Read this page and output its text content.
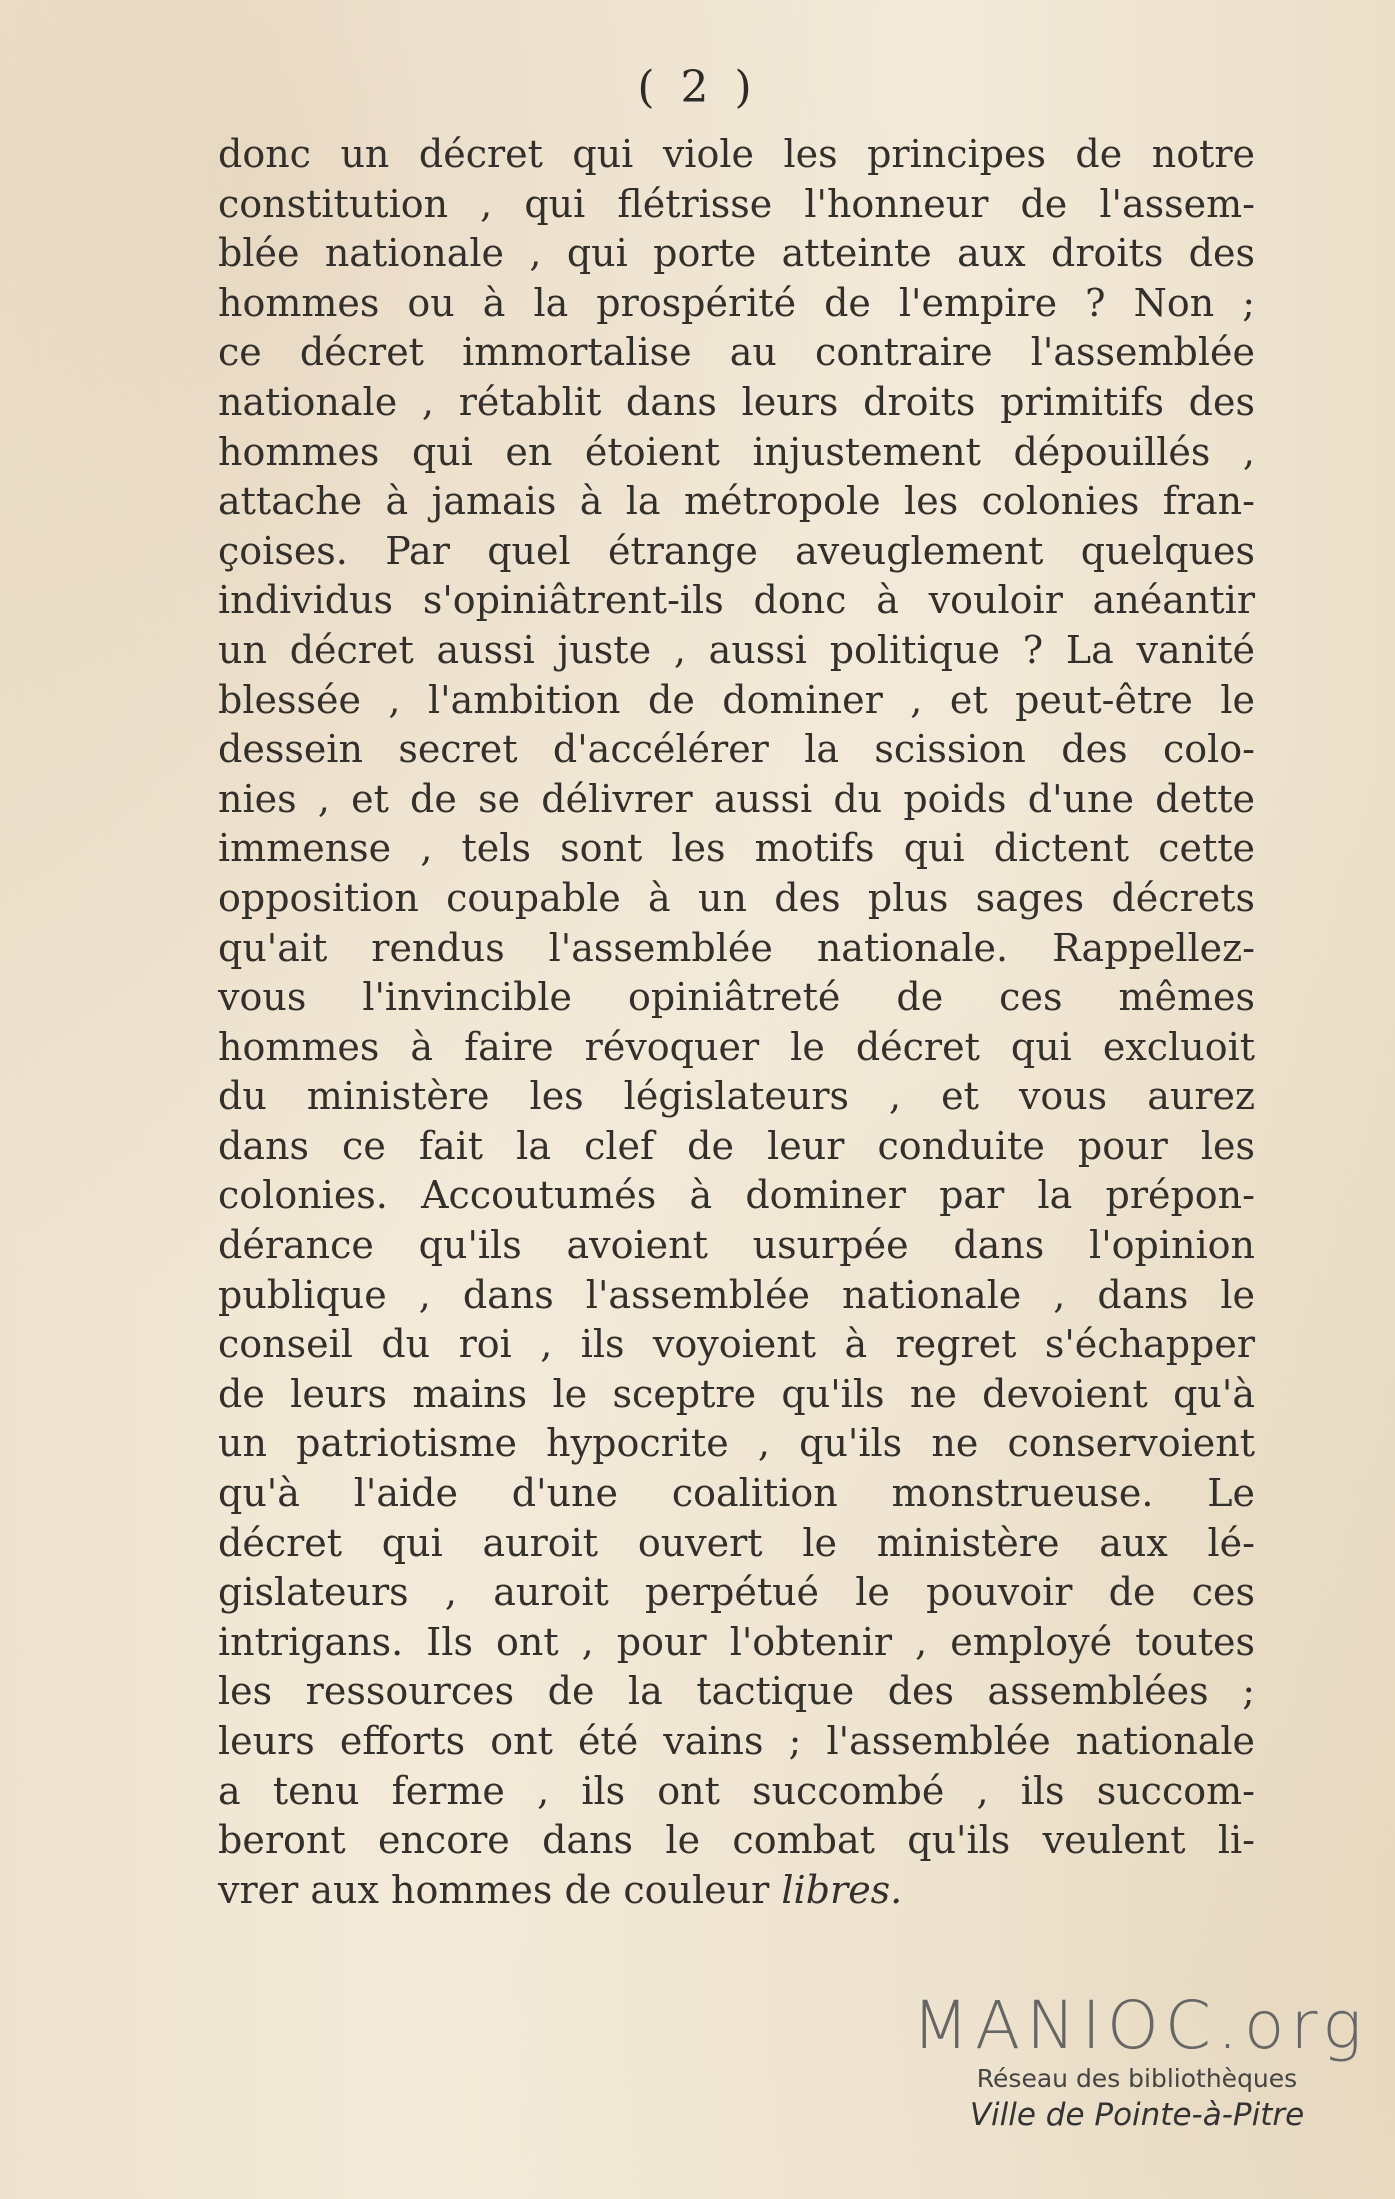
( 2 )
donc un décret qui viole les principes de notre
constitution , qui flétrisse l'honneur de l'assem-
blée nationale , qui porte atteinte aux droits des
hommes ou à la prospérité de l'empire ? Non ;
ce décret immortalise au contraire l'assemblée
nationale , rétablit dans leurs droits primitifs des
hommes qui en étoient injustement dépouillés ,
attache à jamais à la métropole les colonies fran-
çoises. Par quel étrange aveuglement quelques
individus s'opiniâtrent-ils donc à vouloir anéantir
un décret aussi juste , aussi politique ? La vanité
blessée , l'ambition de dominer , et peut-être le
dessein secret d'accélérer la scission des colo-
nies , et de se délivrer aussi du poids d'une dette
immense , tels sont les motifs qui dictent cette
opposition coupable à un des plus sages décrets
qu'ait rendus l'assemblée nationale. Rappellez-
vous l'invincible opiniâtreté de ces mêmes
hommes à faire révoquer le décret qui excluoit
du ministère les législateurs , et vous aurez
dans ce fait la clef de leur conduite pour les
colonies. Accoutumés à dominer par la prépon-
dérance qu'ils avoient usurpée dans l'opinion
publique , dans l'assemblée nationale , dans le
conseil du roi , ils voyoient à regret s'échapper
de leurs mains le sceptre qu'ils ne devoient qu'à
un patriotisme hypocrite , qu'ils ne conservoient
qu'à l'aide d'une coalition monstrueuse. Le
décret qui auroit ouvert le ministère aux lé-
gislateurs , auroit perpétué le pouvoir de ces
intrigans. Ils ont , pour l'obtenir , employé toutes
les ressources de la tactique des assemblées ;
leurs efforts ont été vains ; l'assemblée nationale
a tenu ferme , ils ont succombé , ils succom-
beront encore dans le combat qu'ils veulent li-
vrer aux hommes de couleur libres.
MANIOC.org
Réseau des bibliothèques
Ville de Pointe-à-Pitre
